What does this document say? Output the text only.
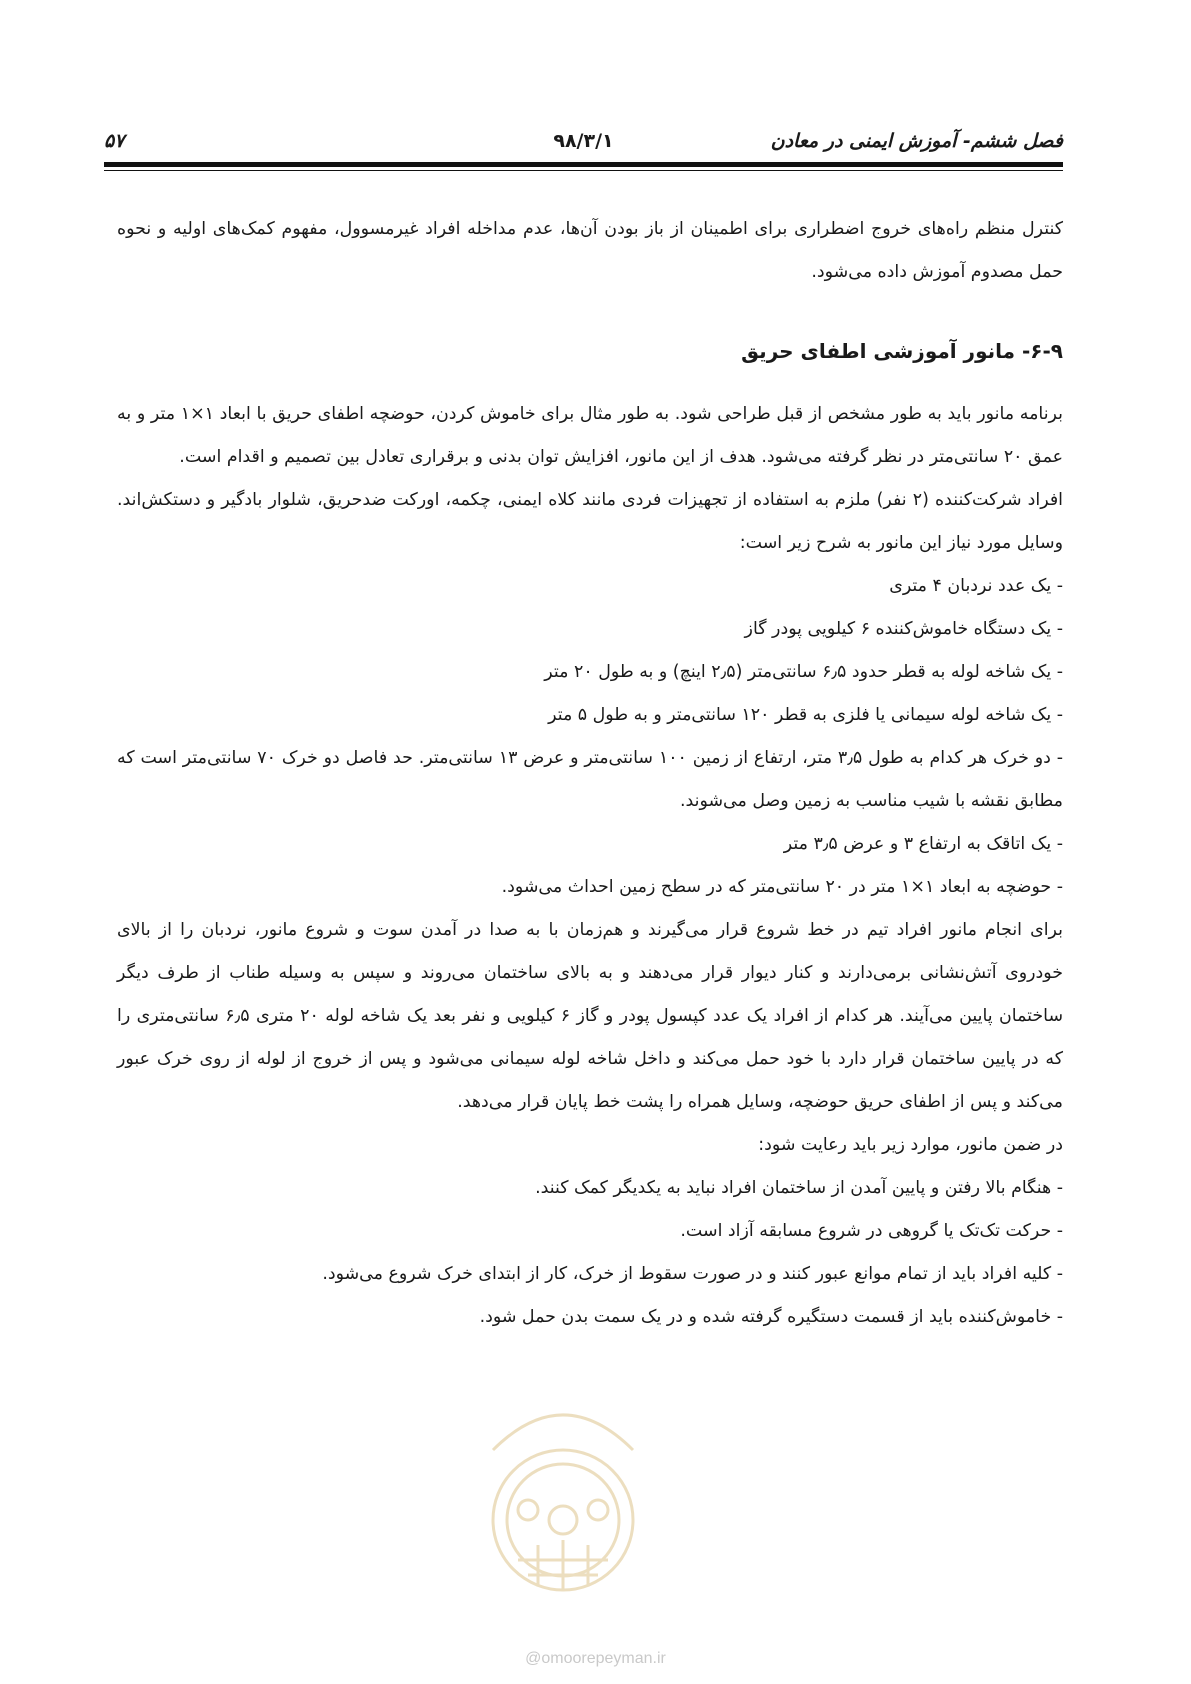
فصل ششم- آموزش ایمنی در معادن
۹۸/۳/۱
۵۷

کنترل منظم راه‌های خروج اضطراری برای اطمینان از باز بودن آن‌ها، عدم مداخله افراد غیرمسوول، مفهوم کمک‌های اولیه و نحوه حمل مصدوم آموزش داده می‌شود.

۶-۹- مانور آموزشی اطفای حریق

برنامه مانور باید به طور مشخص از قبل طراحی شود. به طور مثال برای خاموش کردن، حوضچه اطفای حریق با ابعاد ۱×۱ متر و به عمق ۲۰ سانتی‌متر در نظر گرفته می‌شود. هدف از این مانور، افزایش توان بدنی و برقراری تعادل بین تصمیم و اقدام است.

افراد شرکت‌کننده (۲ نفر) ملزم به استفاده از تجهیزات فردی مانند کلاه ایمنی، چکمه، اورکت ضدحریق، شلوار بادگیر و دستکش‌اند. وسایل مورد نیاز این مانور به شرح زیر است:

- یک عدد نردبان ۴ متری

- یک دستگاه خاموش‌کننده ۶ کیلویی پودر گاز

- یک شاخه لوله به قطر حدود ۶٫۵ سانتی‌متر (۲٫۵ اینچ) و به طول ۲۰ متر

- یک شاخه لوله سیمانی یا فلزی به قطر ۱۲۰ سانتی‌متر و به طول ۵ متر

- دو خرک هر کدام به طول ۳٫۵ متر، ارتفاع از زمین ۱۰۰ سانتی‌متر و عرض ۱۳ سانتی‌متر. حد فاصل دو خرک ۷۰ سانتی‌متر است که مطابق نقشه با شیب مناسب به زمین وصل می‌شوند.

- یک اتاقک به ارتفاع ۳ و عرض ۳٫۵ متر

- حوضچه به ابعاد ۱×۱ متر در ۲۰ سانتی‌متر که در سطح زمین احداث می‌شود.

برای انجام مانور افراد تیم در خط شروع قرار می‌گیرند و هم‌زمان با به صدا در آمدن سوت و شروع مانور، نردبان را از بالای خودروی آتش‌نشانی برمی‌دارند و کنار دیوار قرار می‌دهند و به بالای ساختمان می‌روند و سپس به وسیله طناب از طرف دیگر ساختمان پایین می‌آیند. هر کدام از افراد یک عدد کپسول پودر و گاز ۶ کیلویی و نفر بعد یک شاخه لوله ۲۰ متری ۶٫۵ سانتی‌متری را که در پایین ساختمان قرار دارد با خود حمل می‌کند و داخل شاخه لوله سیمانی می‌شود و پس از خروج از لوله از روی خرک عبور می‌کند و پس از اطفای حریق حوضچه، وسایل همراه را پشت خط پایان قرار می‌دهد.

در ضمن مانور، موارد زیر باید رعایت شود:

- هنگام بالا رفتن و پایین آمدن از ساختمان افراد نباید به یکدیگر کمک کنند.

- حرکت تک‌تک یا گروهی در شروع مسابقه آزاد است.

- کلیه افراد باید از تمام موانع عبور کنند و در صورت سقوط از خرک، کار از ابتدای خرک شروع می‌شود.

- خاموش‌کننده باید از قسمت دستگیره گرفته شده و در یک سمت بدن حمل شود.

@omoorepeyman.ir
